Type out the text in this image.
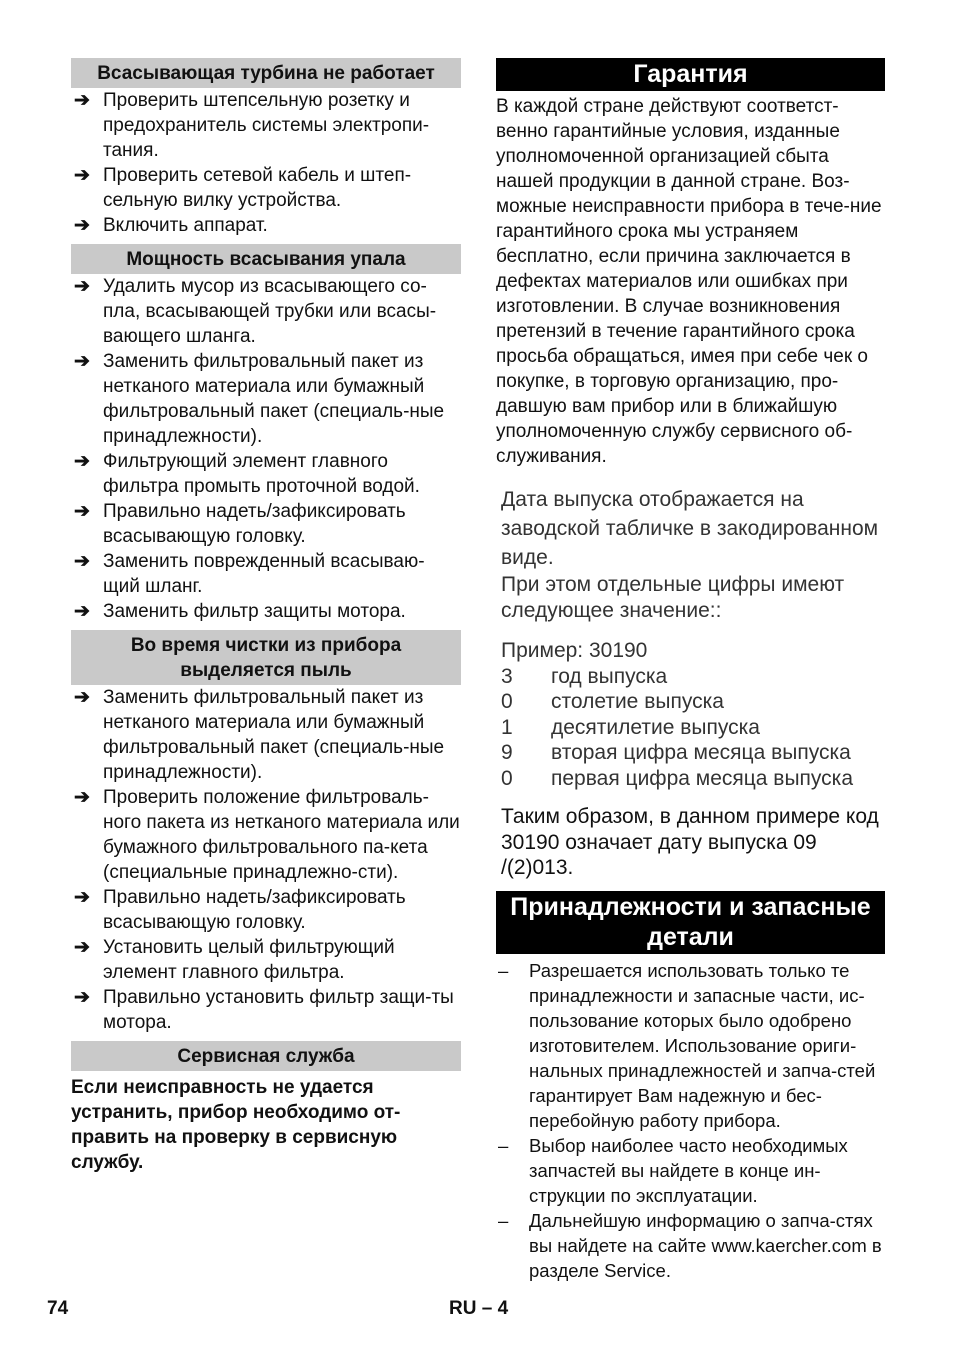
Всасывающая турбина не работает
➔ Проверить штепсельную розетку и предохранитель системы электропи-тания.
➔ Проверить сетевой кабель и штеп-сельную вилку устройства.
➔ Включить аппарат.
Мощность всасывания упала
➔ Удалить мусор из всасывающего со-пла, всасывающей трубки или всасы-вающего шланга.
➔ Заменить фильтровальный пакет из нетканого материала или бумажный фильтровальный пакет (специаль-ные принадлежности).
➔ Фильтрующий элемент главного фильтра промыть проточной водой.
➔ Правильно надеть/зафиксировать всасывающую головку.
➔ Заменить поврежденный всасываю-щий шланг.
➔ Заменить фильтр защиты мотора.
Во время чистки из прибора выделяется пыль
➔ Заменить фильтровальный пакет из нетканого материала или бумажный фильтровальный пакет (специаль-ные принадлежности).
➔ Проверить положение фильтроваль-ного пакета из нетканого материала или бумажного фильтровального па-кета (специальные принадлежно-сти).
➔ Правильно надеть/зафиксировать всасывающую головку.
➔ Установить целый фильтрующий элемент главного фильтра.
➔ Правильно установить фильтр защи-ты мотора.
Сервисная служба
Если неисправность не удается устранить, прибор необходимо от-править на проверку в сервисную службу.
Гарантия
В каждой стране действуют соответст-венно гарантийные условия, изданные уполномоченной организацией сбыта нашей продукции в данной стране. Воз-можные неисправности прибора в тече-ние гарантийного срока мы устраняем бесплатно, если причина заключается в дефектах материалов или ошибках при изготовлении. В случае возникновения претензий в течение гарантийного срока просьба обращаться, имея при себе чек о покупке, в торговую организацию, про-давшую вам прибор или в ближайшую уполномоченную службу сервисного об-служивания.
Дата выпуска отображается на заводской табличке в закодированном виде.
При этом отдельные цифры имеют следующее значение::
Пример: 30190
3	год выпуска
0	столетие выпуска
1	десятилетие выпуска
9	вторая цифра месяца выпуска
0	первая цифра месяца выпуска
Таким образом, в данном примере код 30190 означает дату выпуска 09 /(2)013.
Принадлежности и запасные детали
– Разрешается использовать только те принадлежности и запасные части, ис-пользование которых было одобрено изготовителем. Использование ориги-нальных принадлежностей и запча-стей гарантирует Вам надежную и бес-перебойную работу прибора.
– Выбор наиболее часто необходимых запчастей вы найдете в конце ин-струкции по эксплуатации.
– Дальнейшую информацию о запча-стях вы найдете на сайте www.kaercher.com в разделе Service.
74	RU – 4
